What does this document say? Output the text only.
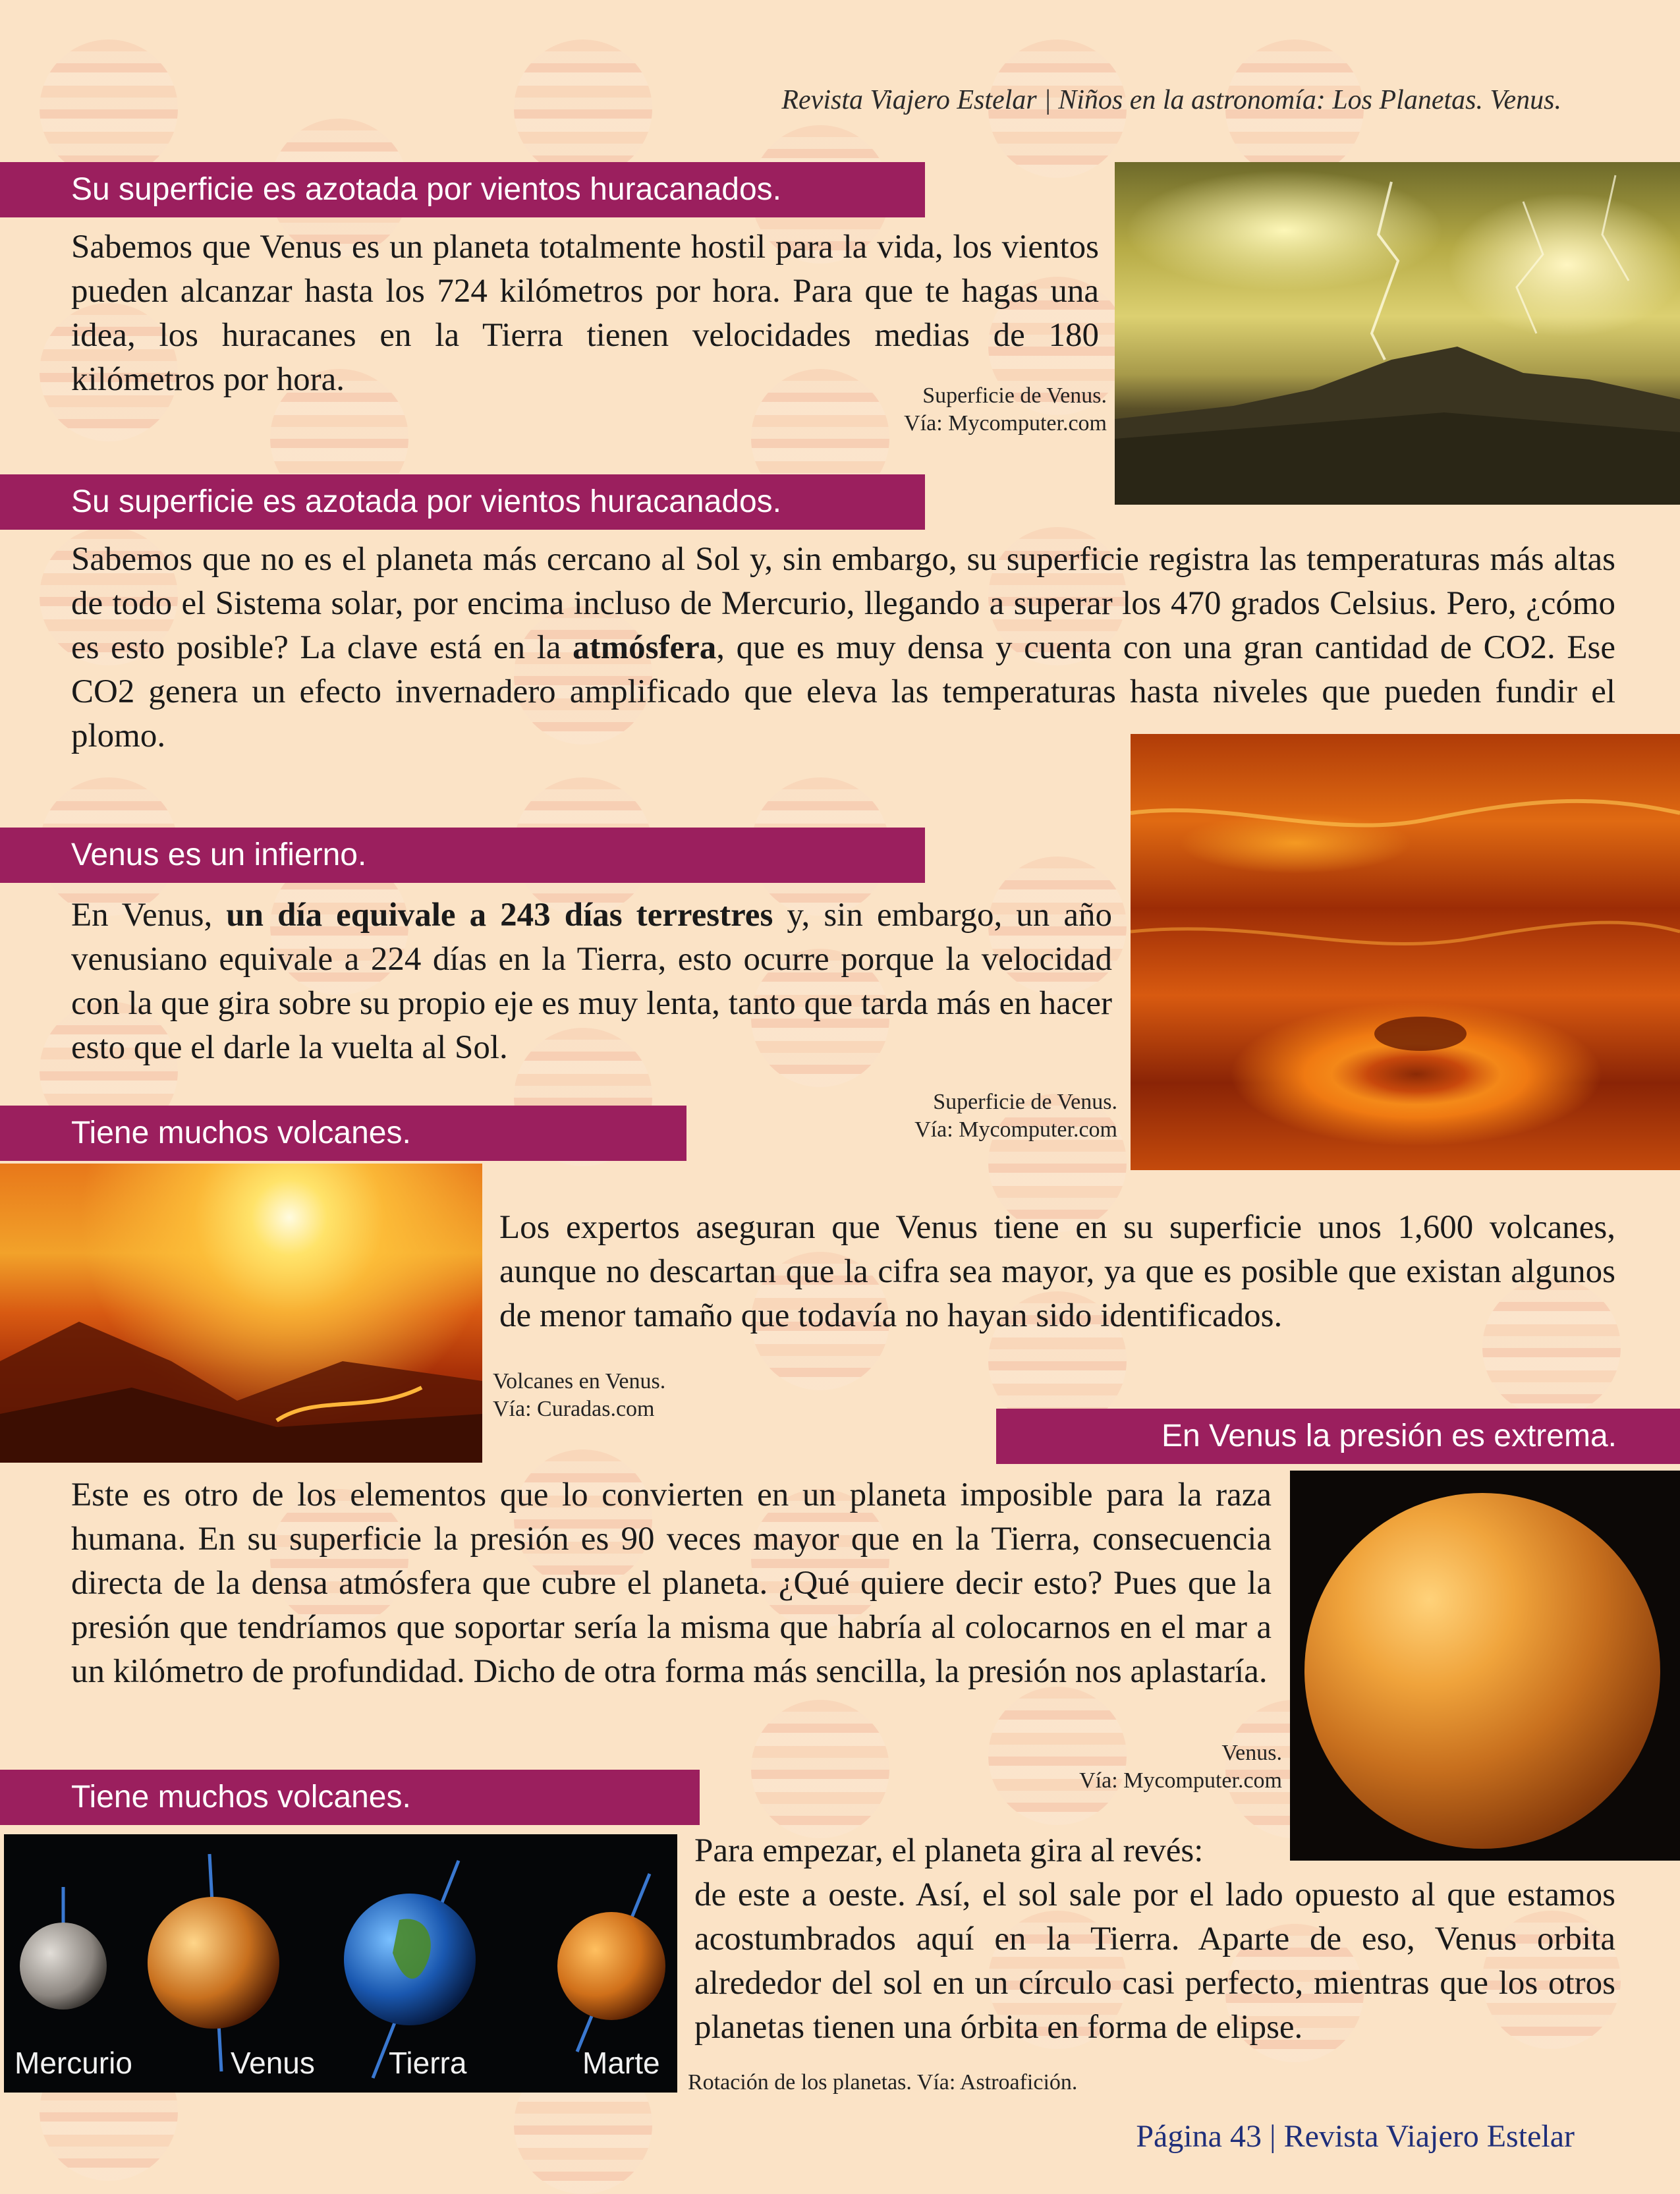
Revista Viajero Estelar | Niños en la astronomía: Los Planetas. Venus.
Su superficie es azotada por vientos huracanados.
Sabemos que Venus es un planeta totalmente hostil para la vida, los vientos pueden alcanzar hasta los 724 kilómetros por hora. Para que te hagas una idea, los huracanes en la Tierra tienen velocidades medias de 180 kilómetros por hora.	Superficie de Venus.
Vía: Mycomputer.com
Su superficie es azotada por vientos huracanados.
Sabemos que no es el planeta más cercano al Sol y, sin embargo, su superficie registra las temperaturas más altas de todo el Sistema solar, por encima incluso de Mercurio, llegando a superar los 470 grados Celsius. Pero, ¿cómo es esto posible? La clave está en la atmósfera, que es muy densa y cuenta con una gran cantidad de CO2. Ese CO2 genera un efecto invernadero amplificado que eleva las temperaturas hasta niveles que pueden fundir el plomo.
Venus es un infierno.
En Venus, un día equivale a 243 días terrestres y, sin embargo, un año venusiano equivale a 224 días en la Tierra, esto ocurre porque la velocidad con la que gira sobre su propio eje es muy lenta, tanto que tarda más en hacer esto que el darle la vuelta al Sol.
Superficie de Venus.
Vía: Mycomputer.com
Tiene muchos volcanes.
Los expertos aseguran que Venus tiene en su superficie unos 1,600 volcanes, aunque no descartan que la cifra sea mayor, ya que es posible que existan algunos de menor tamaño que todavía no hayan sido identificados.
Volcanes en Venus.
Vía: Curadas.com
En Venus la presión es extrema.
Este es otro de los elementos que lo convierten en un planeta imposible para la raza humana. En su superficie la presión es 90 veces mayor que en la Tierra, consecuencia directa de la densa atmósfera que cubre el planeta. ¿Qué quiere decir esto? Pues que la presión que tendríamos que soportar sería la misma que habría al colocarnos en el mar a un kilómetro de profundidad. Dicho de otra forma más sencilla, la presión nos aplastaría.
Venus.
Vía: Mycomputer.com
Tiene muchos volcanes.
Mercurio	Venus Tierra	Marte
Para empezar, el planeta gira al revés:
de este a oeste. Así, el sol sale por el lado opuesto al que estamos acostumbrados aquí en la Tierra. Aparte de eso, Venus orbita alrededor del sol en un círculo casi perfecto, mientras que los otros planetas tienen una órbita en forma de elipse.
Rotación de los planetas. Vía: Astroafición.
Página 43 | Revista Viajero Estelar
